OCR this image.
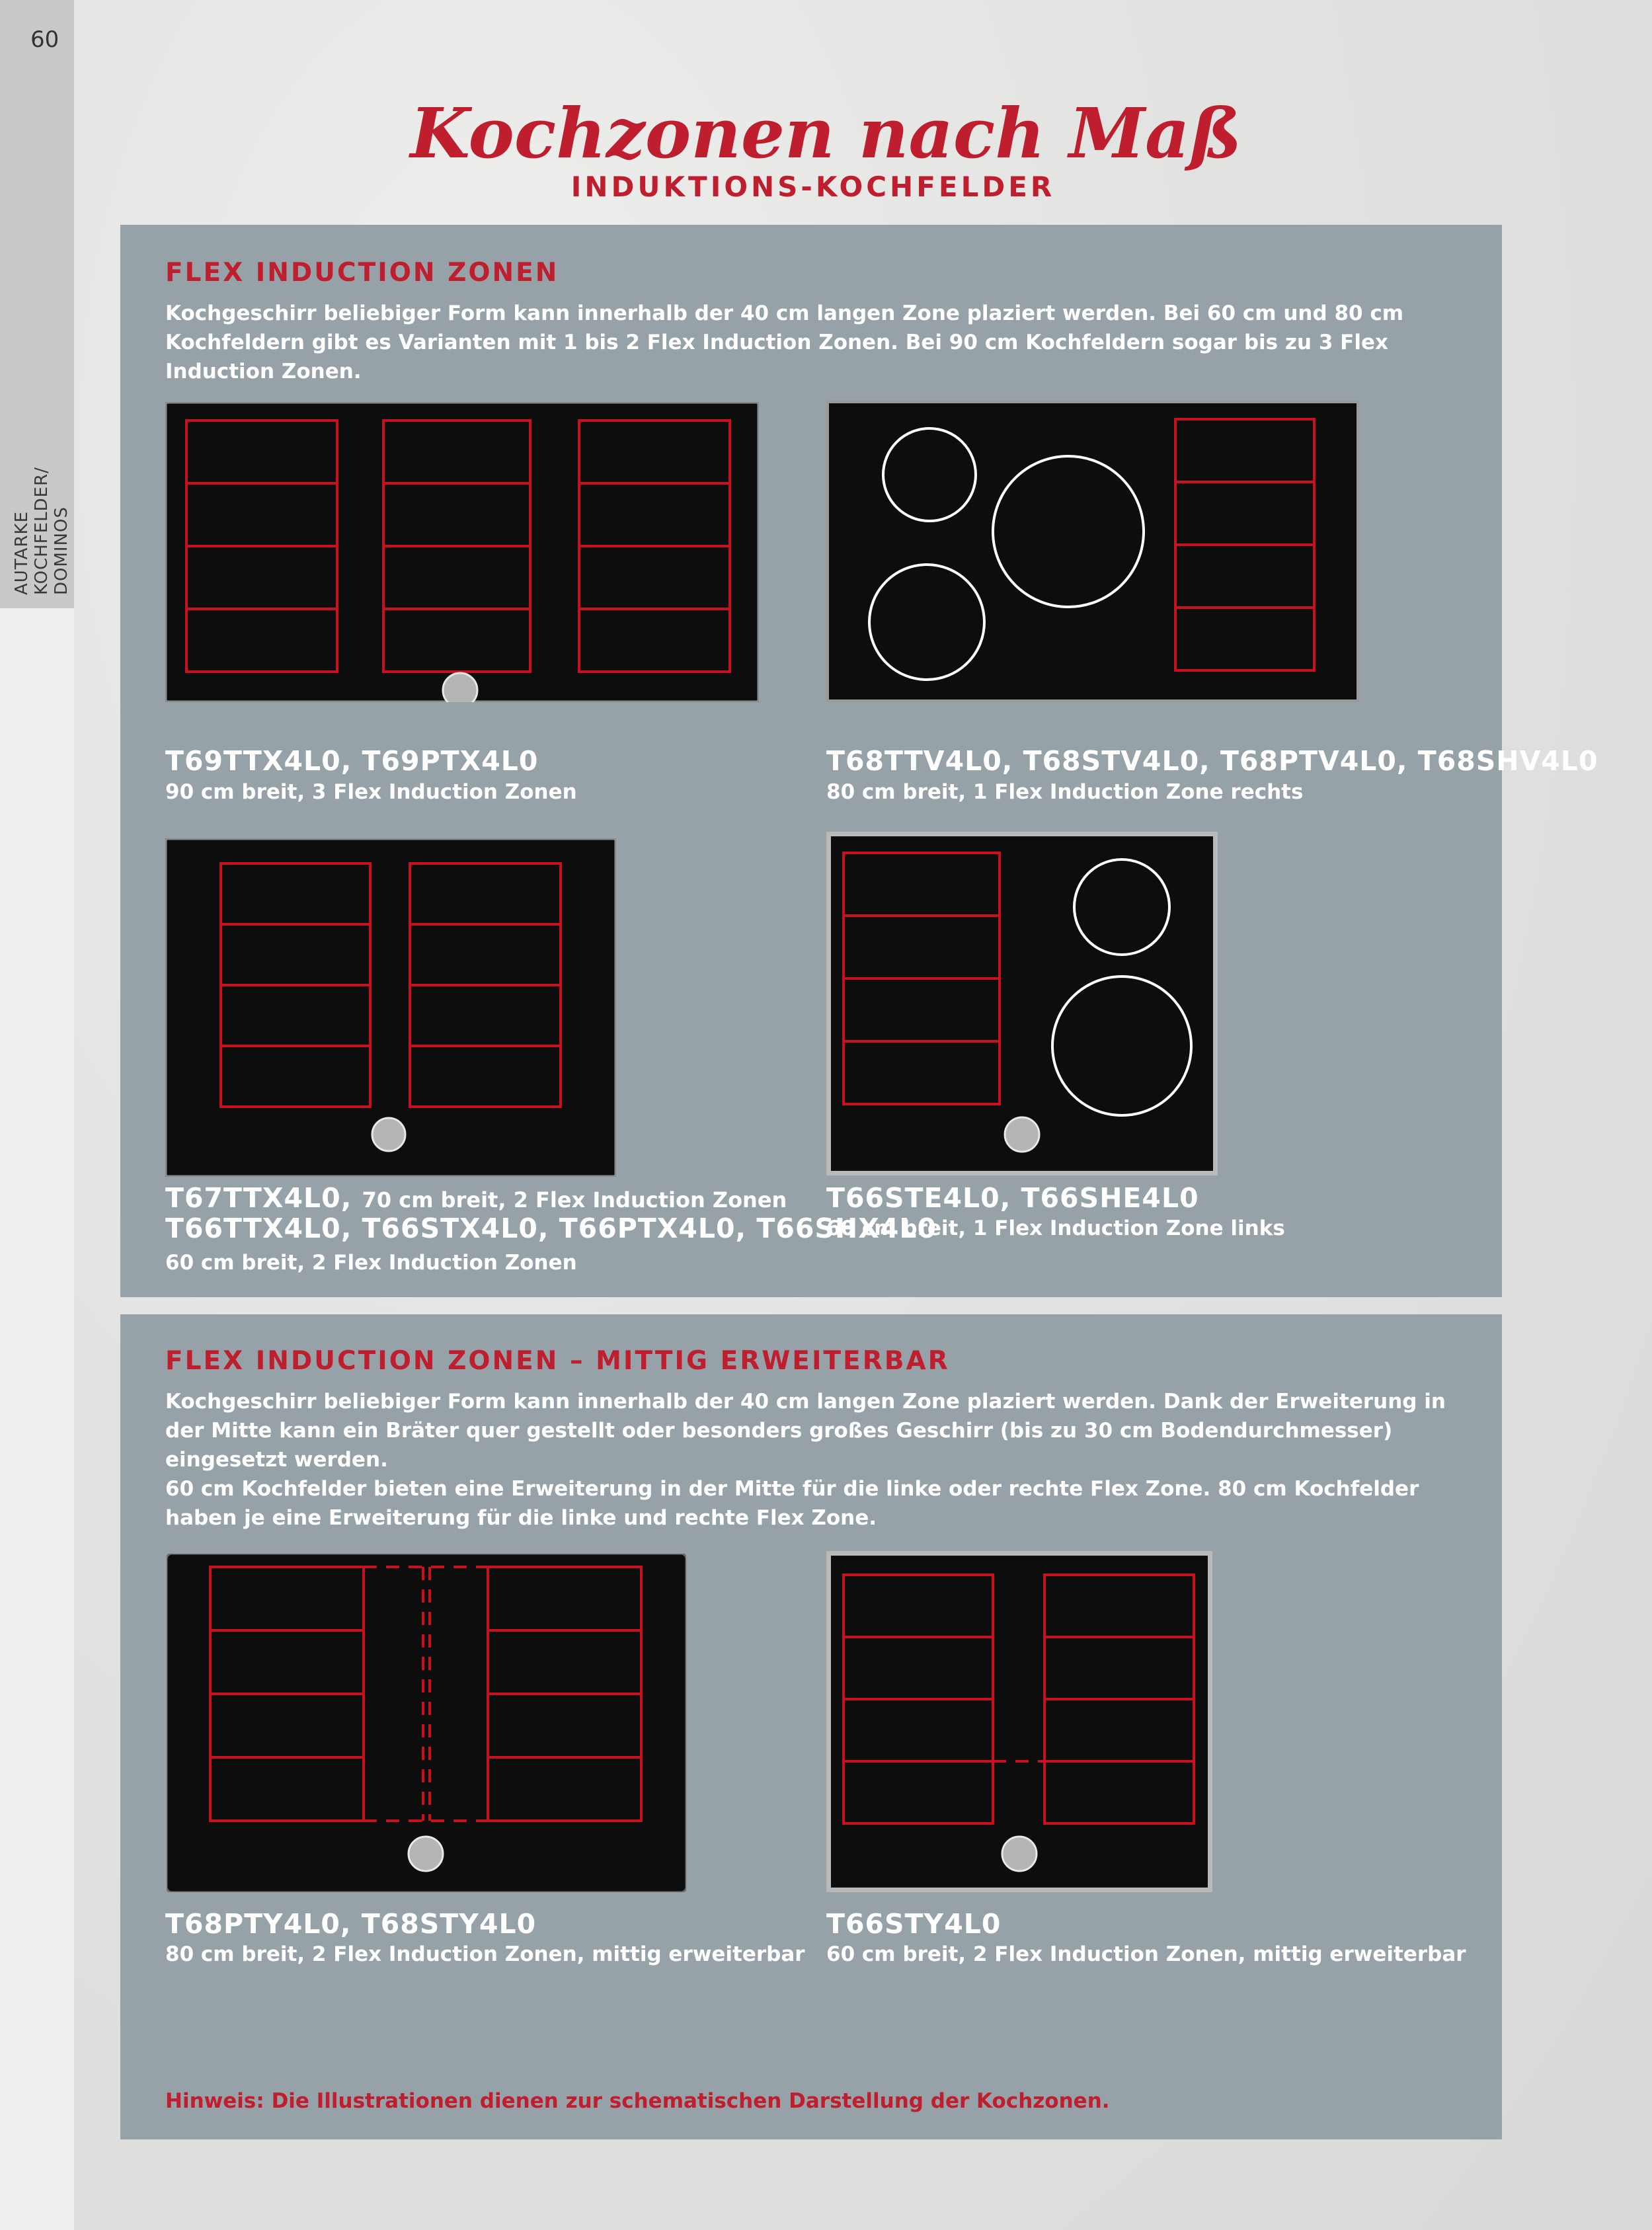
60
AUTARKE
KOCHFELDER/
DOMINOS
Kochzonen nach Maß
INDUKTIONS-KOCHFELDER
FLEX INDUCTION ZONEN
Kochgeschirr beliebiger Form kann innerhalb der 40 cm langen Zone plaziert werden. Bei 60 cm und 80 cm Kochfeldern gibt es Varianten mit 1 bis 2 Flex Induction Zonen. Bei 90 cm Kochfeldern sogar bis zu 3 Flex Induction Zonen.
T69TTX4L0, T69PTX4L0
90 cm breit, 3 Flex Induction Zonen
T68TTV4L0, T68STV4L0, T68PTV4L0, T68SHV4L0
80 cm breit, 1 Flex Induction Zone rechts
T67TTX4L0, 70 cm breit, 2 Flex Induction Zonen
T66TTX4L0, T66STX4L0, T66PTX4L0, T66SHX4L0
60 cm breit, 2 Flex Induction Zonen
T66STE4L0, T66SHE4L0
60 cm breit, 1 Flex Induction Zone links
FLEX INDUCTION ZONEN – MITTIG ERWEITERBAR
Kochgeschirr beliebiger Form kann innerhalb der 40 cm langen Zone plaziert werden. Dank der Erweiterung in der Mitte kann ein Bräter quer gestellt oder besonders großes Geschirr (bis zu 30 cm Bodendurchmesser) eingesetzt werden.
60 cm Kochfelder bieten eine Erweiterung in der Mitte für die linke oder rechte Flex Zone. 80 cm Kochfelder haben je eine Erweiterung für die linke und rechte Flex Zone.
T68PTY4L0, T68STY4L0
80 cm breit, 2 Flex Induction Zonen, mittig erweiterbar
T66STY4L0
60 cm breit, 2 Flex Induction Zonen, mittig erweiterbar
Hinweis: Die Illustrationen dienen zur schematischen Darstellung der Kochzonen.
